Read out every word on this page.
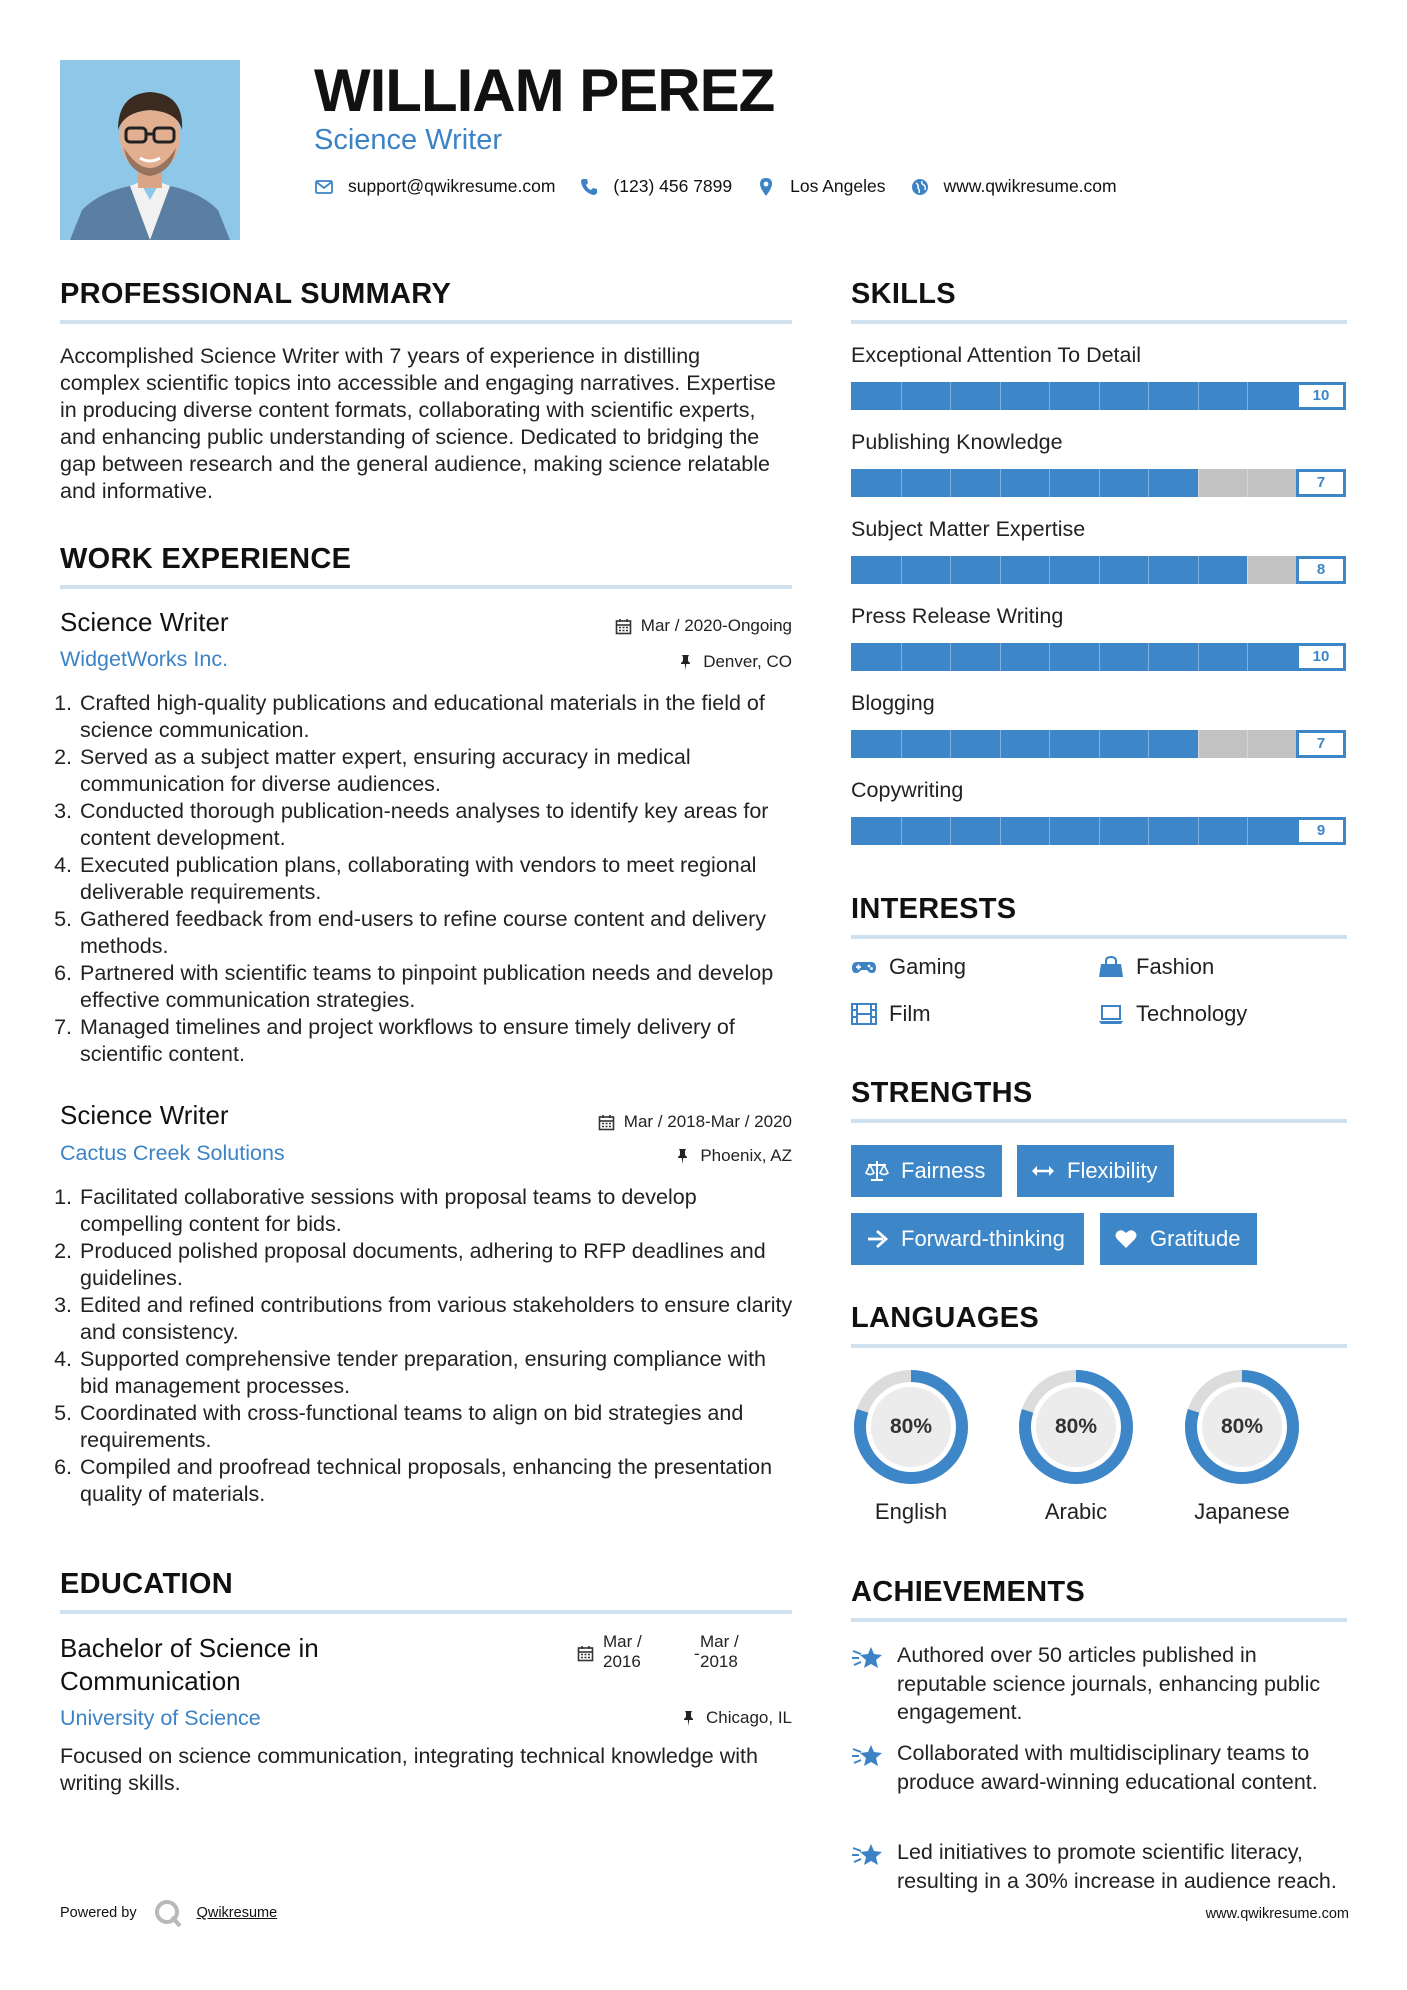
WILLIAM PEREZ
Science Writer
support@qwikresume.com	(123) 456 7899	Los Angeles	www.qwikresume.com
PROFESSIONAL SUMMARY
Accomplished Science Writer with 7 years of experience in distilling complex scientific topics into accessible and engaging narratives. Expertise in producing diverse content formats, collaborating with scientific experts, and enhancing public understanding of science. Dedicated to bridging the gap between research and the general audience, making science relatable and informative.
WORK EXPERIENCE
Science Writer	Mar / 2020-Ongoing
WidgetWorks Inc.	Denver, CO
1. Crafted high-quality publications and educational materials in the field of science communication.
2. Served as a subject matter expert, ensuring accuracy in medical communication for diverse audiences.
3. Conducted thorough publication-needs analyses to identify key areas for content development.
4. Executed publication plans, collaborating with vendors to meet regional deliverable requirements.
5. Gathered feedback from end-users to refine course content and delivery methods.
6. Partnered with scientific teams to pinpoint publication needs and develop effective communication strategies.
7. Managed timelines and project workflows to ensure timely delivery of scientific content.
Science Writer	Mar / 2018-Mar / 2020
Cactus Creek Solutions	Phoenix, AZ
1. Facilitated collaborative sessions with proposal teams to develop compelling content for bids.
2. Produced polished proposal documents, adhering to RFP deadlines and guidelines.
3. Edited and refined contributions from various stakeholders to ensure clarity and consistency.
4. Supported comprehensive tender preparation, ensuring compliance with bid management processes.
5. Coordinated with cross-functional teams to align on bid strategies and requirements.
6. Compiled and proofread technical proposals, enhancing the presentation quality of materials.
EDUCATION
Bachelor of Science in
Communication
Mar /
2016	-
Mar /
2018
University of Science	Chicago, IL
Focused on science communication, integrating technical knowledge with writing skills.
SKILLS
Exceptional Attention To Detail
10
Publishing Knowledge
7
Subject Matter Expertise
8
Press Release Writing
10
Blogging
7
Copywriting
9
INTERESTS
Gaming	Fashion
Film	Technology
STRENGTHS
Fairness	Flexibility
Forward-thinking	Gratitude
LANGUAGES
80%
English
80%
Arabic
80%
Japanese
ACHIEVEMENTS
Authored over 50 articles published in reputable science journals, enhancing public engagement.
Collaborated with multidisciplinary teams to produce award-winning educational content.
Led initiatives to promote scientific literacy, resulting in a 30% increase in audience reach.
Powered by	Qwikresume	www.qwikresume.com
